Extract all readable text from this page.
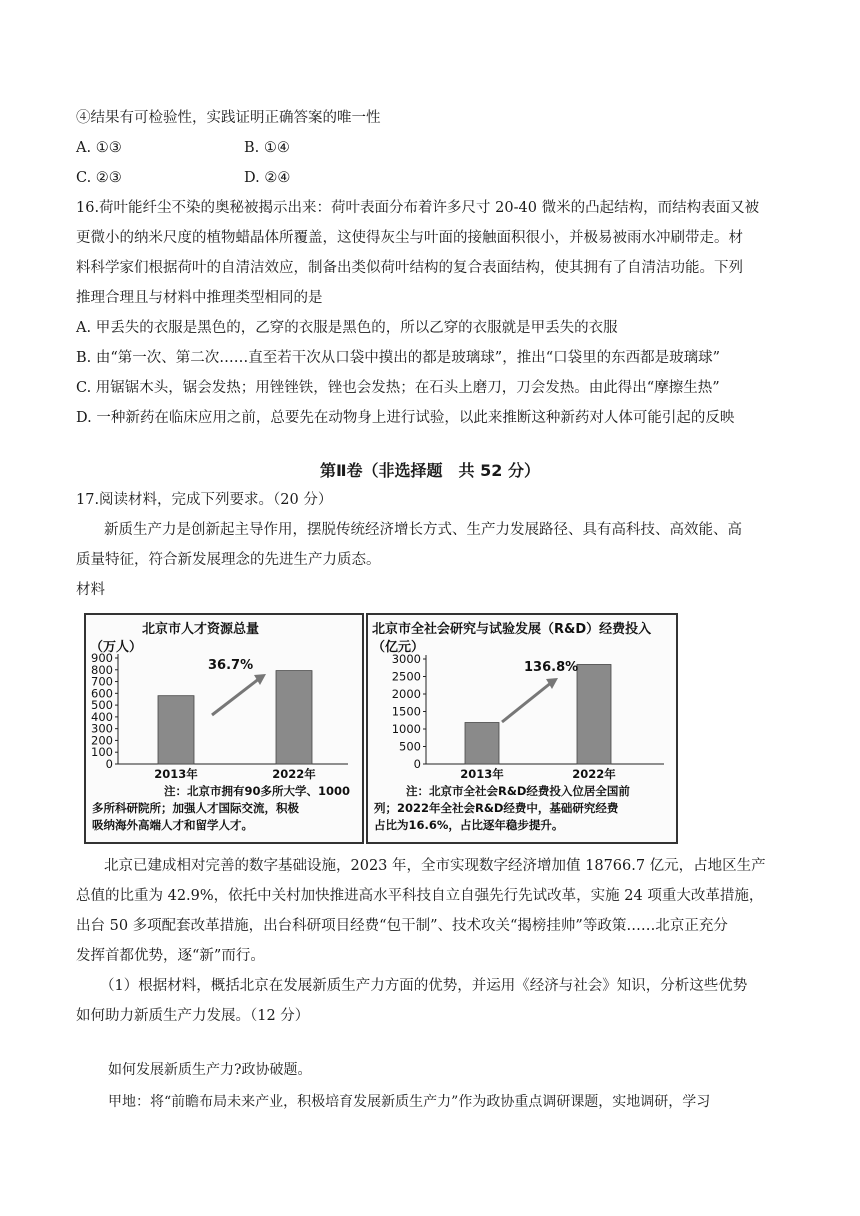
④结果有可检验性，实践证明正确答案的唯一性
A. ①③	B. ①④
C. ②③	D. ②④
16.荷叶能纤尘不染的奥秘被揭示出来：荷叶表面分布着许多尺寸 20-40 微米的凸起结构，而结构表面又被
更微小的纳米尺度的植物蜡晶体所覆盖，这使得灰尘与叶面的接触面积很小，并极易被雨水冲刷带走。材
料科学家们根据荷叶的自清洁效应，制备出类似荷叶结构的复合表面结构，使其拥有了自清洁功能。下列
推理合理且与材料中推理类型相同的是
A. 甲丢失的衣服是黑色的，乙穿的衣服是黑色的，所以乙穿的衣服就是甲丢失的衣服
B. 由“第一次、第二次……直至若干次从口袋中摸出的都是玻璃球”，推出“口袋里的东西都是玻璃球”
C. 用锯锯木头，锯会发热；用锉锉铁，锉也会发热；在石头上磨刀，刀会发热。由此得出“摩擦生热”
D. 一种新药在临床应用之前，总要先在动物身上进行试验，以此来推断这种新药对人体可能引起的反映
第Ⅱ卷（非选择题　共 52 分）
17.阅读材料，完成下列要求。（20 分）
新质生产力是创新起主导作用，摆脱传统经济增长方式、生产力发展路径、具有高科技、高效能、高
质量特征，符合新发展理念的先进生产力质态。
材料
北京市人才资源总量
（万人）
0
100
200
300
400
500
600
700
800
900
2013年	2022年
36.7%
注：北京市拥有90多所大学、1000
多所科研院所；加强人才国际交流，积极
吸纳海外高端人才和留学人才。
北京市全社会研究与试验发展（R&D）经费投入
（亿元）
0
500
1000
1500
2000
2500
3000
2013年	2022年
136.8%
注：北京市全社会R&D经费投入位居全国前
列；2022年全社会R&D经费中，基础研究经费
占比为16.6%，占比逐年稳步提升。
北京已建成相对完善的数字基础设施，2023 年，全市实现数字经济增加值 18766.7 亿元，占地区生产
总值的比重为 42.9%，依托中关村加快推进高水平科技自立自强先行先试改革，实施 24 项重大改革措施，
出台 50 多项配套改革措施，出台科研项目经费“包干制”、技术攻关“揭榜挂帅”等政策……北京正充分
发挥首都优势，逐“新”而行。
（1）根据材料，概括北京在发展新质生产力方面的优势，并运用《经济与社会》知识，分析这些优势
如何助力新质生产力发展。（12 分）
如何发展新质生产力?政协破题。
甲地：将“前瞻布局未来产业，积极培育发展新质生产力”作为政协重点调研课题，实地调研，学习
